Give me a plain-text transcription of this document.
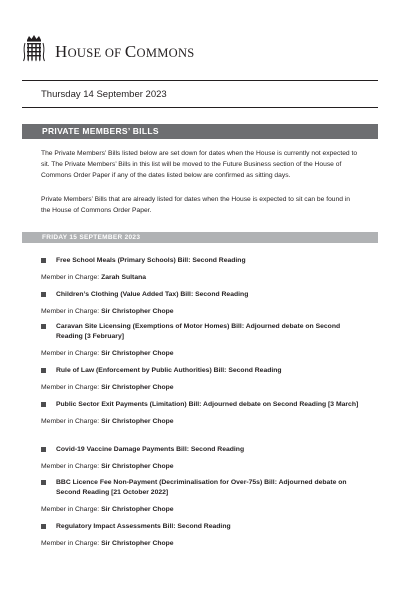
HOUSE OF COMMONS
Thursday 14 September 2023
PRIVATE MEMBERS’ BILLS

The Private Members’ Bills listed below are set down for dates when the House is currently not expected to sit. The Private Members’ Bills in this list will be moved to the Future Business section of the House of Commons Order Paper if any of the dates listed below are confirmed as sitting days.

Private Members’ Bills that are already listed for dates when the House is expected to sit can be found in the House of Commons Order Paper.

FRIDAY 15 SEPTEMBER 2023
Free School Meals (Primary Schools) Bill: Second Reading
Member in Charge: Zarah Sultana
Children’s Clothing (Value Added Tax) Bill: Second Reading
Member in Charge: Sir Christopher Chope
Caravan Site Licensing (Exemptions of Motor Homes) Bill: Adjourned debate on Second Reading [3 February]
Member in Charge: Sir Christopher Chope
Rule of Law (Enforcement by Public Authorities) Bill: Second Reading
Member in Charge: Sir Christopher Chope
Public Sector Exit Payments (Limitation) Bill: Adjourned debate on Second Reading [3 March]
Member in Charge: Sir Christopher Chope
Covid-19 Vaccine Damage Payments Bill: Second Reading
Member in Charge: Sir Christopher Chope
BBC Licence Fee Non-Payment (Decriminalisation for Over-75s) Bill: Adjourned debate on Second Reading [21 October 2022]
Member in Charge: Sir Christopher Chope
Regulatory Impact Assessments Bill: Second Reading
Member in Charge: Sir Christopher Chope
